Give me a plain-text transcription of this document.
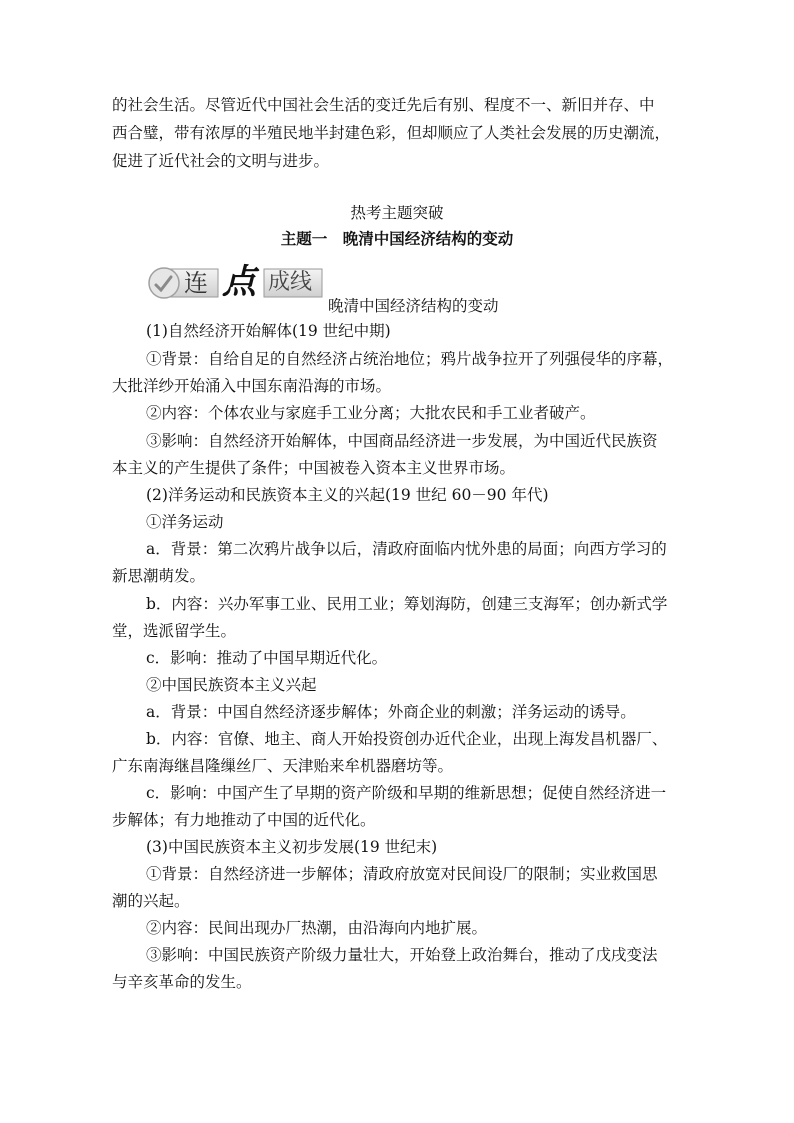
的社会生活。尽管近代中国社会生活的变迁先后有别、程度不一、新旧并存、中

西合璧，带有浓厚的半殖民地半封建色彩，但却顺应了人类社会发展的历史潮流，

促进了近代社会的文明与进步。

热考主题突破

主题一　晚清中国经济结构的变动

连 点 成线
晚清中国经济结构的变动

(1)自然经济开始解体(19 世纪中期)

①背景：自给自足的自然经济占统治地位；鸦片战争拉开了列强侵华的序幕，

大批洋纱开始涌入中国东南沿海的市场。

②内容：个体农业与家庭手工业分离；大批农民和手工业者破产。

③影响：自然经济开始解体，中国商品经济进一步发展，为中国近代民族资

本主义的产生提供了条件；中国被卷入资本主义世界市场。

(2)洋务运动和民族资本主义的兴起(19 世纪 60－90 年代)

①洋务运动

a．背景：第二次鸦片战争以后，清政府面临内忧外患的局面；向西方学习的

新思潮萌发。

b．内容：兴办军事工业、民用工业；筹划海防，创建三支海军；创办新式学

堂，选派留学生。

c．影响：推动了中国早期近代化。

②中国民族资本主义兴起

a．背景：中国自然经济逐步解体；外商企业的刺激；洋务运动的诱导。

b．内容：官僚、地主、商人开始投资创办近代企业，出现上海发昌机器厂、

广东南海继昌隆缫丝厂、天津贻来牟机器磨坊等。

c．影响：中国产生了早期的资产阶级和早期的维新思想；促使自然经济进一

步解体；有力地推动了中国的近代化。

(3)中国民族资本主义初步发展(19 世纪末)

①背景：自然经济进一步解体；清政府放宽对民间设厂的限制；实业救国思

潮的兴起。

②内容：民间出现办厂热潮，由沿海向内地扩展。

③影响：中国民族资产阶级力量壮大，开始登上政治舞台，推动了戊戌变法

与辛亥革命的发生。
